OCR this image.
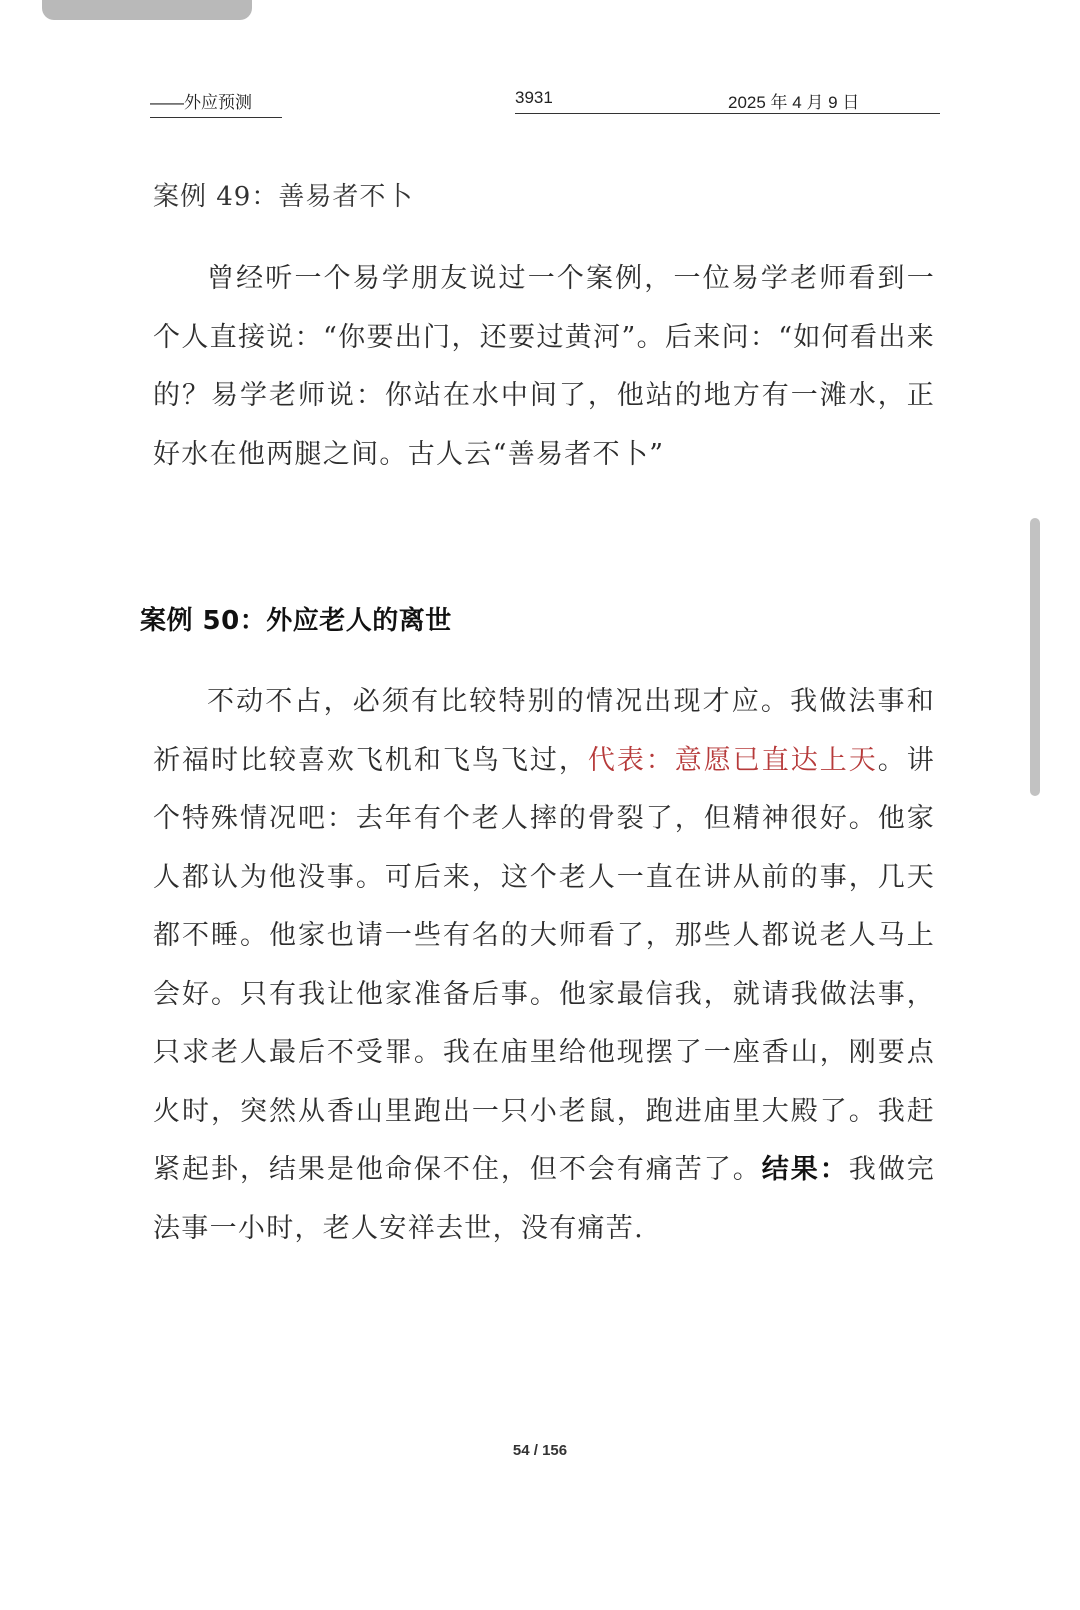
——外应预测	3931	2025 年 4 月 9 日
案例 49：善易者不卜
曾经听一个易学朋友说过一个案例，一位易学老师看到一个人直接说：“你要出门，还要过黄河”。后来问：“如何看出来的？易学老师说：你站在水中间了，他站的地方有一滩水，正好水在他两腿之间。古人云“善易者不卜”
案例 50：外应老人的离世
不动不占，必须有比较特别的情况出现才应。我做法事和祈福时比较喜欢飞机和飞鸟飞过，代表：意愿已直达上天。讲个特殊情况吧：去年有个老人摔的骨裂了，但精神很好。他家人都认为他没事。可后来，这个老人一直在讲从前的事，几天都不睡。他家也请一些有名的大师看了，那些人都说老人马上会好。只有我让他家准备后事。他家最信我，就请我做法事，只求老人最后不受罪。我在庙里给他现摆了一座香山，刚要点火时，突然从香山里跑出一只小老鼠，跑进庙里大殿了。我赶紧起卦，结果是他命保不住，但不会有痛苦了。结果：我做完法事一小时，老人安祥去世，没有痛苦.
54 / 156
